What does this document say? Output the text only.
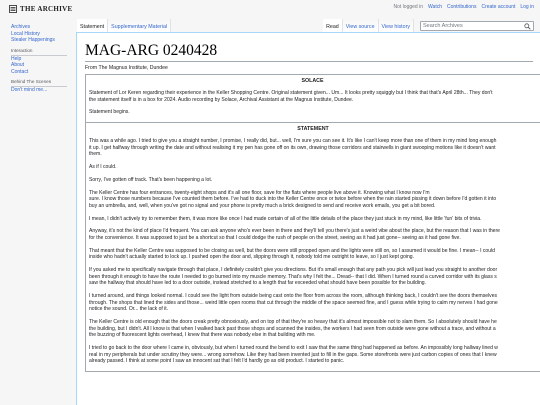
THE ARCHIVE	Not logged in Watch Contributions Create account Log in
Archives
Local History
Stealer Happenings
Interaction
Help
About
Contact
Behind The Scenes
Don't mind me...
Statement	Supplementary Material	Read	View source	View history
Search Archives
MAG-ARG 0240428
From The Magnus Institute, Dundee
SOLACE

Statement of Lor Keren regarding their experience in the Keller Shopping Centre. Original statement given... Um... It looks pretty squiggly but I think that that's April 28th... They don't
the statement itself is in a box for 2024. Audio recording by Solace, Archival Assistant at the Magnus Institute, Dundee.

Statement begins.

STATEMENT

This was a while ago. I tried to give you a straight number, I promise, I really did, but... well, I'm sure you can see it. It's like I can't keep more than one of them in my mind long enough
it up. I get halfway through writing the date and without realising it my pen has gone off on its own, drawing those corridors and stairwells in giant swooping motions like it doesn't want
them.

As if I could.

Sorry, I've gotten off track. That's been happening a lot.

The Keller Centre has four entrances, twenty-eight shops and it's all one floor, save for the flats where people live above it. Knowing what I know now I'm
sure. I know those numbers because I've counted them before. I've had to duck into the Keller Centre once or twice before when the rain started pissing it down before I'd gotten it into
buy an umbrella, and, well, when you've got no signal and your phone is pretty much a brick designed to send and receive work emails, you get a bit bored.

I mean, I didn't actively try to remember them, it was more like once I had made certain of all of the little details of the place they just stuck in my mind, like little 'fun' bits of trivia.

Anyway, it's not the kind of place I'd frequent. You can ask anyone who's ever been in there and they'll tell you there's just a weird vibe about the place, but the reason that I was in there
for the convenience. It was supposed to just be a shortcut so that I could dodge the rush of people on the street, seeing as it had just gone-- seeing as it had gone five.

That meant that the Keller Centre was supposed to be closing as well, but the doors were still propped open and the lights were still on, so I assumed it would be fine. I mean-- I could
inside who hadn't actually started to lock up. I pushed open the door and, slipping through it, nobody told me outright to leave, so I just kept going.

If you asked me to specifically navigate through that place, I definitely couldn't give you directions. But it's small enough that any path you pick will just lead you straight to another door
been through it enough to have the route I needed to go burned into my muscle memory. That's why I felt the... Dread-- that I did. When I turned round a curved corridor with its glass s
saw the hallway that should have led to a door outside, instead stretched to a length that far exceeded what should have been possible for the building.

I turned around, and things looked normal. I could see the light from outside being cast onto the floor from across the room, although thinking back, I couldn't see the doors themselves
through. The shops that lined the sides and those... weird little open rooms that cut through the middle of the space seemed fine, and I guess while trying to calm my nerves I had gone
notice the sound. Or... the lack of it.

The Keller Centre is old enough that the doors creak pretty obnoxiously, and on top of that they're so heavy that it's almost impossible not to slam them. So I absolutely should have he
the building, but I didn't. All I know is that when I walked back past those shops and scanned the insides, the workers I had seen from outside were gone without a trace, and without a
the buzzing of fluorescent lights overhead, I knew that there was nobody else in that building with me.

I tried to go back to the door where I came in, obviously, but when I turned round the bend to exit I saw that the same thing had happened as before. An impossibly long hallway lined w
real in my peripherals but under scrutiny they were... wrong somehow. Like they had been invented just to fill in the gaps. Some storefronts were just carbon copies of ones that I knew
already passed. I think at some point I saw an innocent sat that I felt I'd hardly go as old product. I started to panic.
